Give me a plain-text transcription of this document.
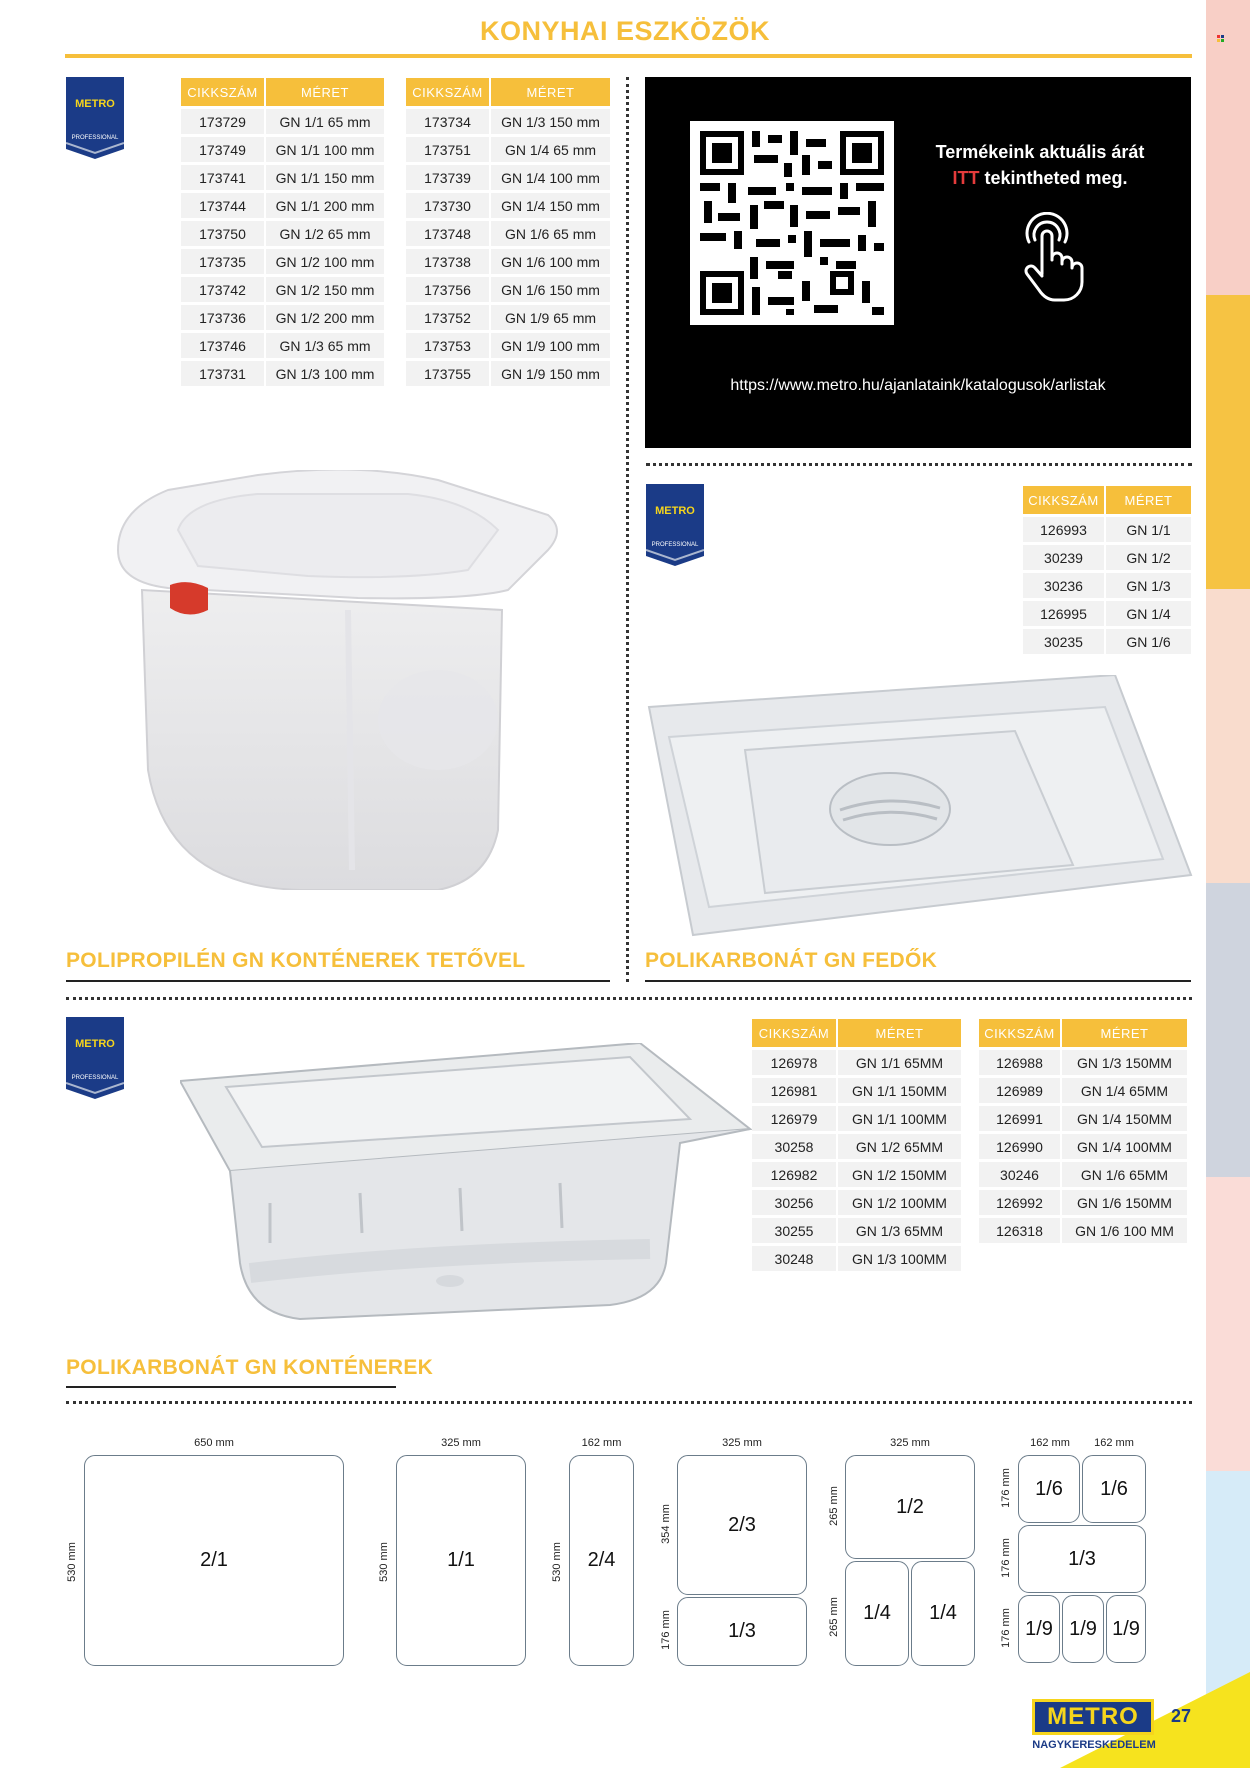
KONYHAI ESZKÖZÖK
METRO
PROFESSIONAL
CIKKSZÁM	MÉRET
173729	GN 1/1 65 mm
173749	GN 1/1 100 mm
173741	GN 1/1 150 mm
173744	GN 1/1 200 mm
173750	GN 1/2 65 mm
173735	GN 1/2 100 mm
173742	GN 1/2 150 mm
173736	GN 1/2 200 mm
173746	GN 1/3 65 mm
173731	GN 1/3 100 mm
CIKKSZÁM	MÉRET
173734	GN 1/3 150 mm
173751	GN 1/4 65 mm
173739	GN 1/4 100 mm
173730	GN 1/4 150 mm
173748	GN 1/6 65 mm
173738	GN 1/6 100 mm
173756	GN 1/6 150 mm
173752	GN 1/9 65 mm
173753	GN 1/9 100 mm
173755	GN 1/9 150 mm
Termékeink aktuális árát
ITT tekintheted meg.
https://www.metro.hu/ajanlataink/katalogusok/arlistak
METRO
PROFESSIONAL
CIKKSZÁM	MÉRET
126993	GN 1/1
30239	GN 1/2
30236	GN 1/3
126995	GN 1/4
30235	GN 1/6
POLIPROPILÉN GN KONTÉNEREK TETŐVEL	POLIKARBONÁT GN FEDŐK
METRO
PROFESSIONAL
CIKKSZÁM	MÉRET
126978	GN 1/1 65MM
126981	GN 1/1 150MM
126979	GN 1/1 100MM
30258	GN 1/2 65MM
126982	GN 1/2 150MM
30256	GN 1/2 100MM
30255	GN 1/3 65MM
30248	GN 1/3 100MM
CIKKSZÁM	MÉRET
126988	GN 1/3 150MM
126989	GN 1/4 65MM
126991	GN 1/4 150MM
126990	GN 1/4 100MM
30246	GN 1/6 65MM
126992	GN 1/6 150MM
126318	GN 1/6 100 MM
POLIKARBONÁT GN KONTÉNEREK
650 mm
530 mm	2/1
325 mm
530 mm	1/1
162 mm
530 mm	2/4
325 mm
354 mm
176 mm
2/3
1/3
325 mm
265 mm
265 mm
1/2
1/4	1/4
162 mm	162 mm
176 mm
176 mm
176 mm
1/6	1/6
1/3
1/9 1/9 1/9
METRO
NAGYKERESKEDELEM
27
